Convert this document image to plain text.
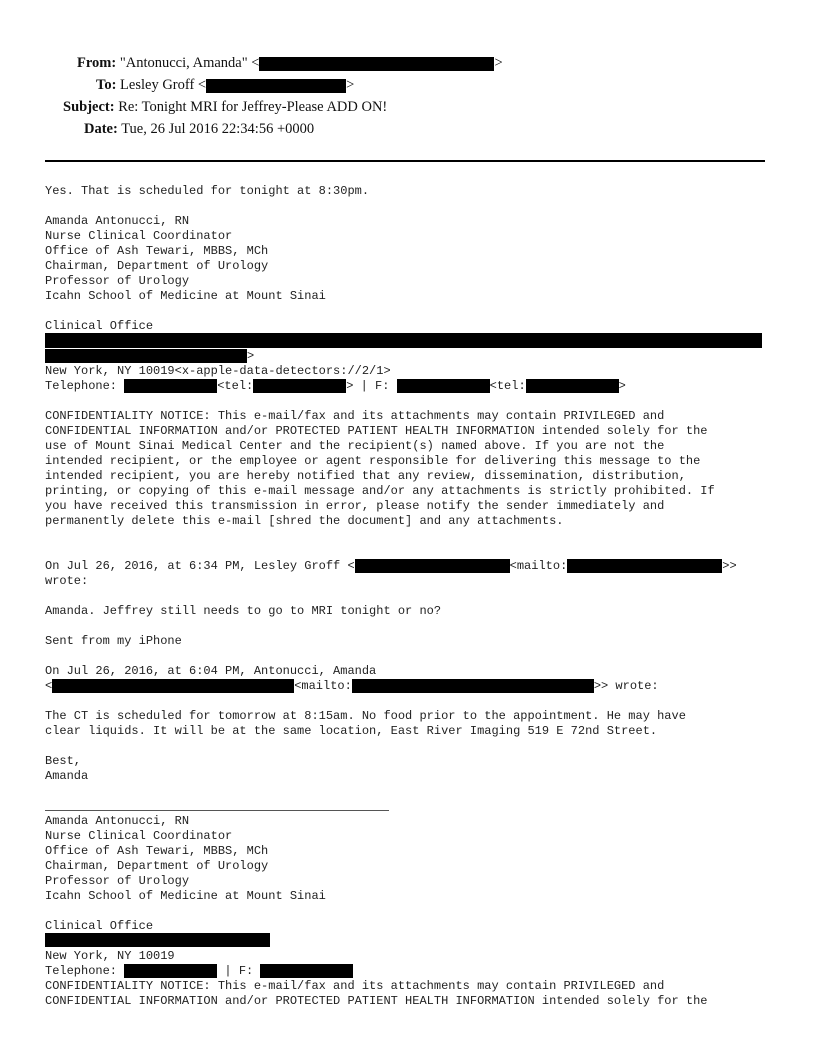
From: "Antonucci, Amanda" <	>
To: Lesley Groff <	>
Subject: Re: Tonight MRI for Jeffrey-Please ADD ON!
Date: Tue, 26 Jul 2016 22:34:56 +0000
Yes. That is scheduled for tonight at 8:30pm.
Amanda Antonucci, RN
Nurse Clinical Coordinator
Office of Ash Tewari, MBBS, MCh
Chairman, Department of Urology
Professor of Urology
Icahn School of Medicine at Mount Sinai
Clinical Office
>
New York, NY 10019<x-apple-data-detectors://2/1>
Telephone:	<tel:	> | F:	<tel:	>
CONFIDENTIALITY NOTICE: This e-mail/fax and its attachments may contain PRIVILEGED and
CONFIDENTIAL INFORMATION and/or PROTECTED PATIENT HEALTH INFORMATION intended solely for the
use of Mount Sinai Medical Center and the recipient(s) named above. If you are not the
intended recipient, or the employee or agent responsible for delivering this message to the
intended recipient, you are hereby notified that any review, dissemination, distribution,
printing, or copying of this e-mail message and/or any attachments is strictly prohibited. If
you have received this transmission in error, please notify the sender immediately and
permanently delete this e-mail [shred the document] and any attachments.
On Jul 26, 2016, at 6:34 PM, Lesley Groff <	<mailto:	>>
wrote:
Amanda. Jeffrey still needs to go to MRI tonight or no?
Sent from my iPhone
On Jul 26, 2016, at 6:04 PM, Antonucci, Amanda
<	<mailto:	>> wrote:
The CT is scheduled for tomorrow at 8:15am. No food prior to the appointment. He may have
clear liquids. It will be at the same location, East River Imaging 519 E 72nd Street.
Best,
Amanda
Amanda Antonucci, RN
Nurse Clinical Coordinator
Office of Ash Tewari, MBBS, MCh
Chairman, Department of Urology
Professor of Urology
Icahn School of Medicine at Mount Sinai
Clinical Office
New York, NY 10019
Telephone:	| F:
CONFIDENTIALITY NOTICE: This e-mail/fax and its attachments may contain PRIVILEGED and
CONFIDENTIAL INFORMATION and/or PROTECTED PATIENT HEALTH INFORMATION intended solely for the
